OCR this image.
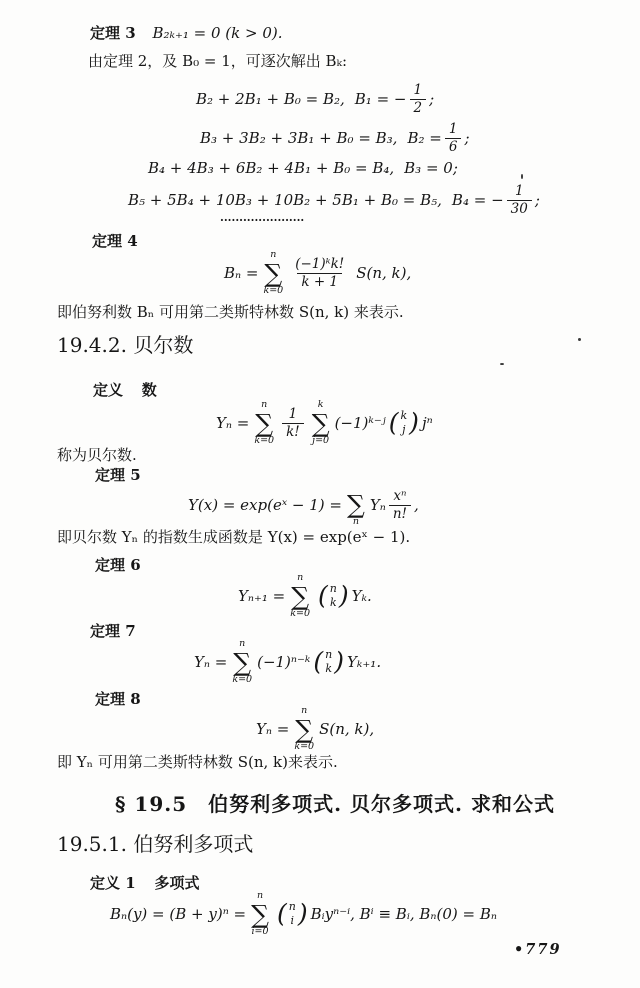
定理 3 B₂ₖ₊₁ = 0 (k > 0).
由定理 2，及 B₀ = 1，可逐次解出 Bₖ:
B₂ + 2B₁ + B₀ = B₂, B₁ = − $\frac{1}{2}$ ;
B₃ + 3B₂ + 3B₁ + B₀ = B₃, $B_2 = \frac{1}{6}$ ;
B₄ + 4B₃ + 6B₂ + 4B₁ + B₀ = B₄, B₃ = 0;
B₅ + 5B₄ + 10B₃ + 10B₂ + 5B₁ + B₀ = B₅, B₄ = − $\frac{1}{30}$ ;
······················
定理 4
Bₙ =
n
∑
k=0
$\frac{\text{(−1)ᵏk!}}{k + 1} S(n$, k),
即伯努利数 Bₙ 可用第二类斯特林数 S(n, k) 来表示.
19.4.2. 贝尔数
定义 数
Yₙ =
n
∑
k=0
$\frac{1}{k!}$
k
∑
j=0
(−1)ᵏ⁻ʲ ( k
j ) jⁿ
称为贝尔数.
定理 5
Y(x) = exp(eˣ − 1) = ∑
n
Yₙ $\frac{\text{xⁿ}}{n!}$ ,
即贝尔数 Yₙ 的指数生成函数是 Y(x) = exp(eˣ − 1).
定理 6
Yₙ₊₁ =
n
∑
k=0
( n
k ) Yₖ.
定理 7
Yₙ =
n
∑
k=0
(−1)ⁿ⁻ᵏ ( n
k ) Yₖ₊₁.
定理 8
Yₙ =
n
∑
k=0
S(n, k),
即 Yₙ 可用第二类斯特林数 S(n, k)来表示.
§ 19.5　伯努利多项式. 贝尔多项式. 求和公式
19.5.1. 伯努利多项式
定义 1 多项式
Bₙ(y) = (B + y)ⁿ =
n
∑
i=0
( n
i ) Bᵢyⁿ⁻ⁱ, Bⁱ ≡ Bᵢ, Bₙ(0) = Bₙ
•779
